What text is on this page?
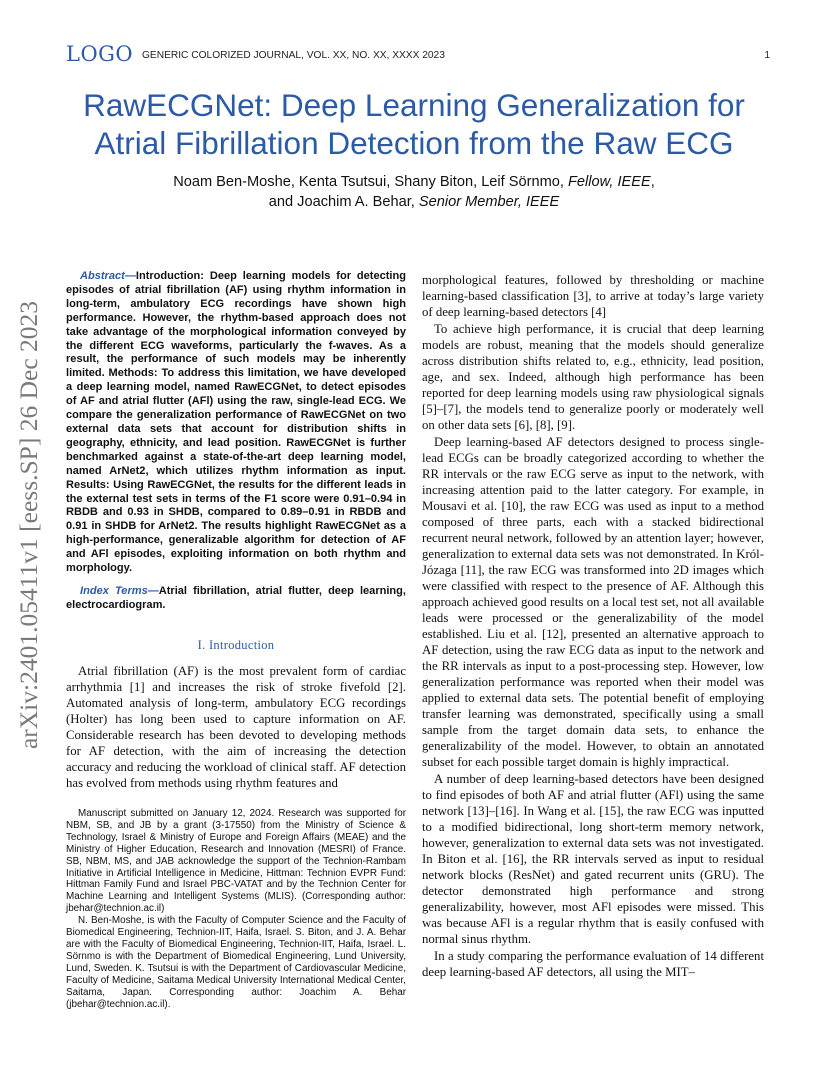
LOGO GENERIC COLORIZED JOURNAL, VOL. XX, NO. XX, XXXX 2023	1
RawECGNet: Deep Learning Generalization for
Atrial Fibrillation Detection from the Raw ECG
Noam Ben-Moshe, Kenta Tsutsui, Shany Biton, Leif Sörnmo, Fellow, IEEE,
and Joachim A. Behar, Senior Member, IEEE
arXiv:2401.05411v1 [eess.SP] 26 Dec 2023

Abstract—Introduction: Deep learning models for detecting episodes of atrial fibrillation (AF) using rhythm information in long-term, ambulatory ECG recordings have shown high performance. However, the rhythm-based approach does not take advantage of the morphological information conveyed by the different ECG waveforms, particularly the f-waves. As a result, the performance of such models may be inherently limited. Methods: To address this limitation, we have developed a deep learning model, named RawECGNet, to detect episodes of AF and atrial flutter (AFl) using the raw, single-lead ECG. We compare the generalization performance of RawECGNet on two external data sets that account for distribution shifts in geography, ethnicity, and lead position. RawECGNet is further benchmarked against a state-of-the-art deep learning model, named ArNet2, which utilizes rhythm information as input. Results: Using RawECGNet, the results for the different leads in the external test sets in terms of the F1 score were 0.91–0.94 in RBDB and 0.93 in SHDB, compared to 0.89–0.91 in RBDB and 0.91 in SHDB for ArNet2. The results highlight RawECGNet as a high-performance, generalizable algorithm for detection of AF and AFl episodes, exploiting information on both rhythm and morphology.

Index Terms—Atrial fibrillation, atrial flutter, deep learning, electrocardiogram.

I. Introduction

Atrial fibrillation (AF) is the most prevalent form of cardiac arrhythmia [1] and increases the risk of stroke fivefold [2]. Automated analysis of long-term, ambulatory ECG recordings (Holter) has long been used to capture information on AF. Considerable research has been devoted to developing methods for AF detection, with the aim of increasing the detection accuracy and reducing the workload of clinical staff. AF detection has evolved from methods using rhythm features and

Manuscript submitted on January 12, 2024. Research was supported for NBM, SB, and JB by a grant (3-17550) from the Ministry of Science & Technology, Israel & Ministry of Europe and Foreign Affairs (MEAE) and the Ministry of Higher Education, Research and Innovation (MESRI) of France. SB, NBM, MS, and JAB acknowledge the support of the Technion-Rambam Initiative in Artificial Intelligence in Medicine, Hittman: Technion EVPR Fund: Hittman Family Fund and Israel PBC-VATAT and by the Technion Center for Machine Learning and Intelligent Systems (MLIS). (Corresponding author: jbehar@technion.ac.il)

N. Ben-Moshe, is with the Faculty of Computer Science and the Faculty of Biomedical Engineering, Technion-IIT, Haifa, Israel. S. Biton, and J. A. Behar are with the Faculty of Biomedical Engineering, Technion-IIT, Haifa, Israel. L. Sörnmo is with the Department of Biomedical Engineering, Lund University, Lund, Sweden. K. Tsutsui is with the Department of Cardiovascular Medicine, Faculty of Medicine, Saitama Medical University International Medical Center, Saitama, Japan. Corresponding author: Joachim A. Behar (jbehar@technion.ac.il).

morphological features, followed by thresholding or machine learning-based classification [3], to arrive at today’s large variety of deep learning-based detectors [4]

To achieve high performance, it is crucial that deep learning models are robust, meaning that the models should generalize across distribution shifts related to, e.g., ethnicity, lead position, age, and sex. Indeed, although high performance has been reported for deep learning models using raw physiological signals [5]–[7], the models tend to generalize poorly or moderately well on other data sets [6], [8], [9].

Deep learning-based AF detectors designed to process single-lead ECGs can be broadly categorized according to whether the RR intervals or the raw ECG serve as input to the network, with increasing attention paid to the latter category. For example, in Mousavi et al. [10], the raw ECG was used as input to a method composed of three parts, each with a stacked bidirectional recurrent neural network, followed by an attention layer; however, generalization to external data sets was not demonstrated. In Król-Józaga [11], the raw ECG was transformed into 2D images which were classified with respect to the presence of AF. Although this approach achieved good results on a local test set, not all available leads were processed or the generalizability of the model established. Liu et al. [12], presented an alternative approach to AF detection, using the raw ECG data as input to the network and the RR intervals as input to a post-processing step. However, low generalization performance was reported when their model was applied to external data sets. The potential benefit of employing transfer learning was demonstrated, specifically using a small sample from the target domain data sets, to enhance the generalizability of the model. However, to obtain an annotated subset for each possible target domain is highly impractical.

A number of deep learning-based detectors have been designed to find episodes of both AF and atrial flutter (AFl) using the same network [13]–[16]. In Wang et al. [15], the raw ECG was inputted to a modified bidirectional, long short-term memory network, however, generalization to external data sets was not investigated. In Biton et al. [16], the RR intervals served as input to residual network blocks (ResNet) and gated recurrent units (GRU). The detector demonstrated high performance and strong generalizability, however, most AFl episodes were missed. This was because AFl is a regular rhythm that is easily confused with normal sinus rhythm.

In a study comparing the performance evaluation of 14 different deep learning-based AF detectors, all using the MIT–
